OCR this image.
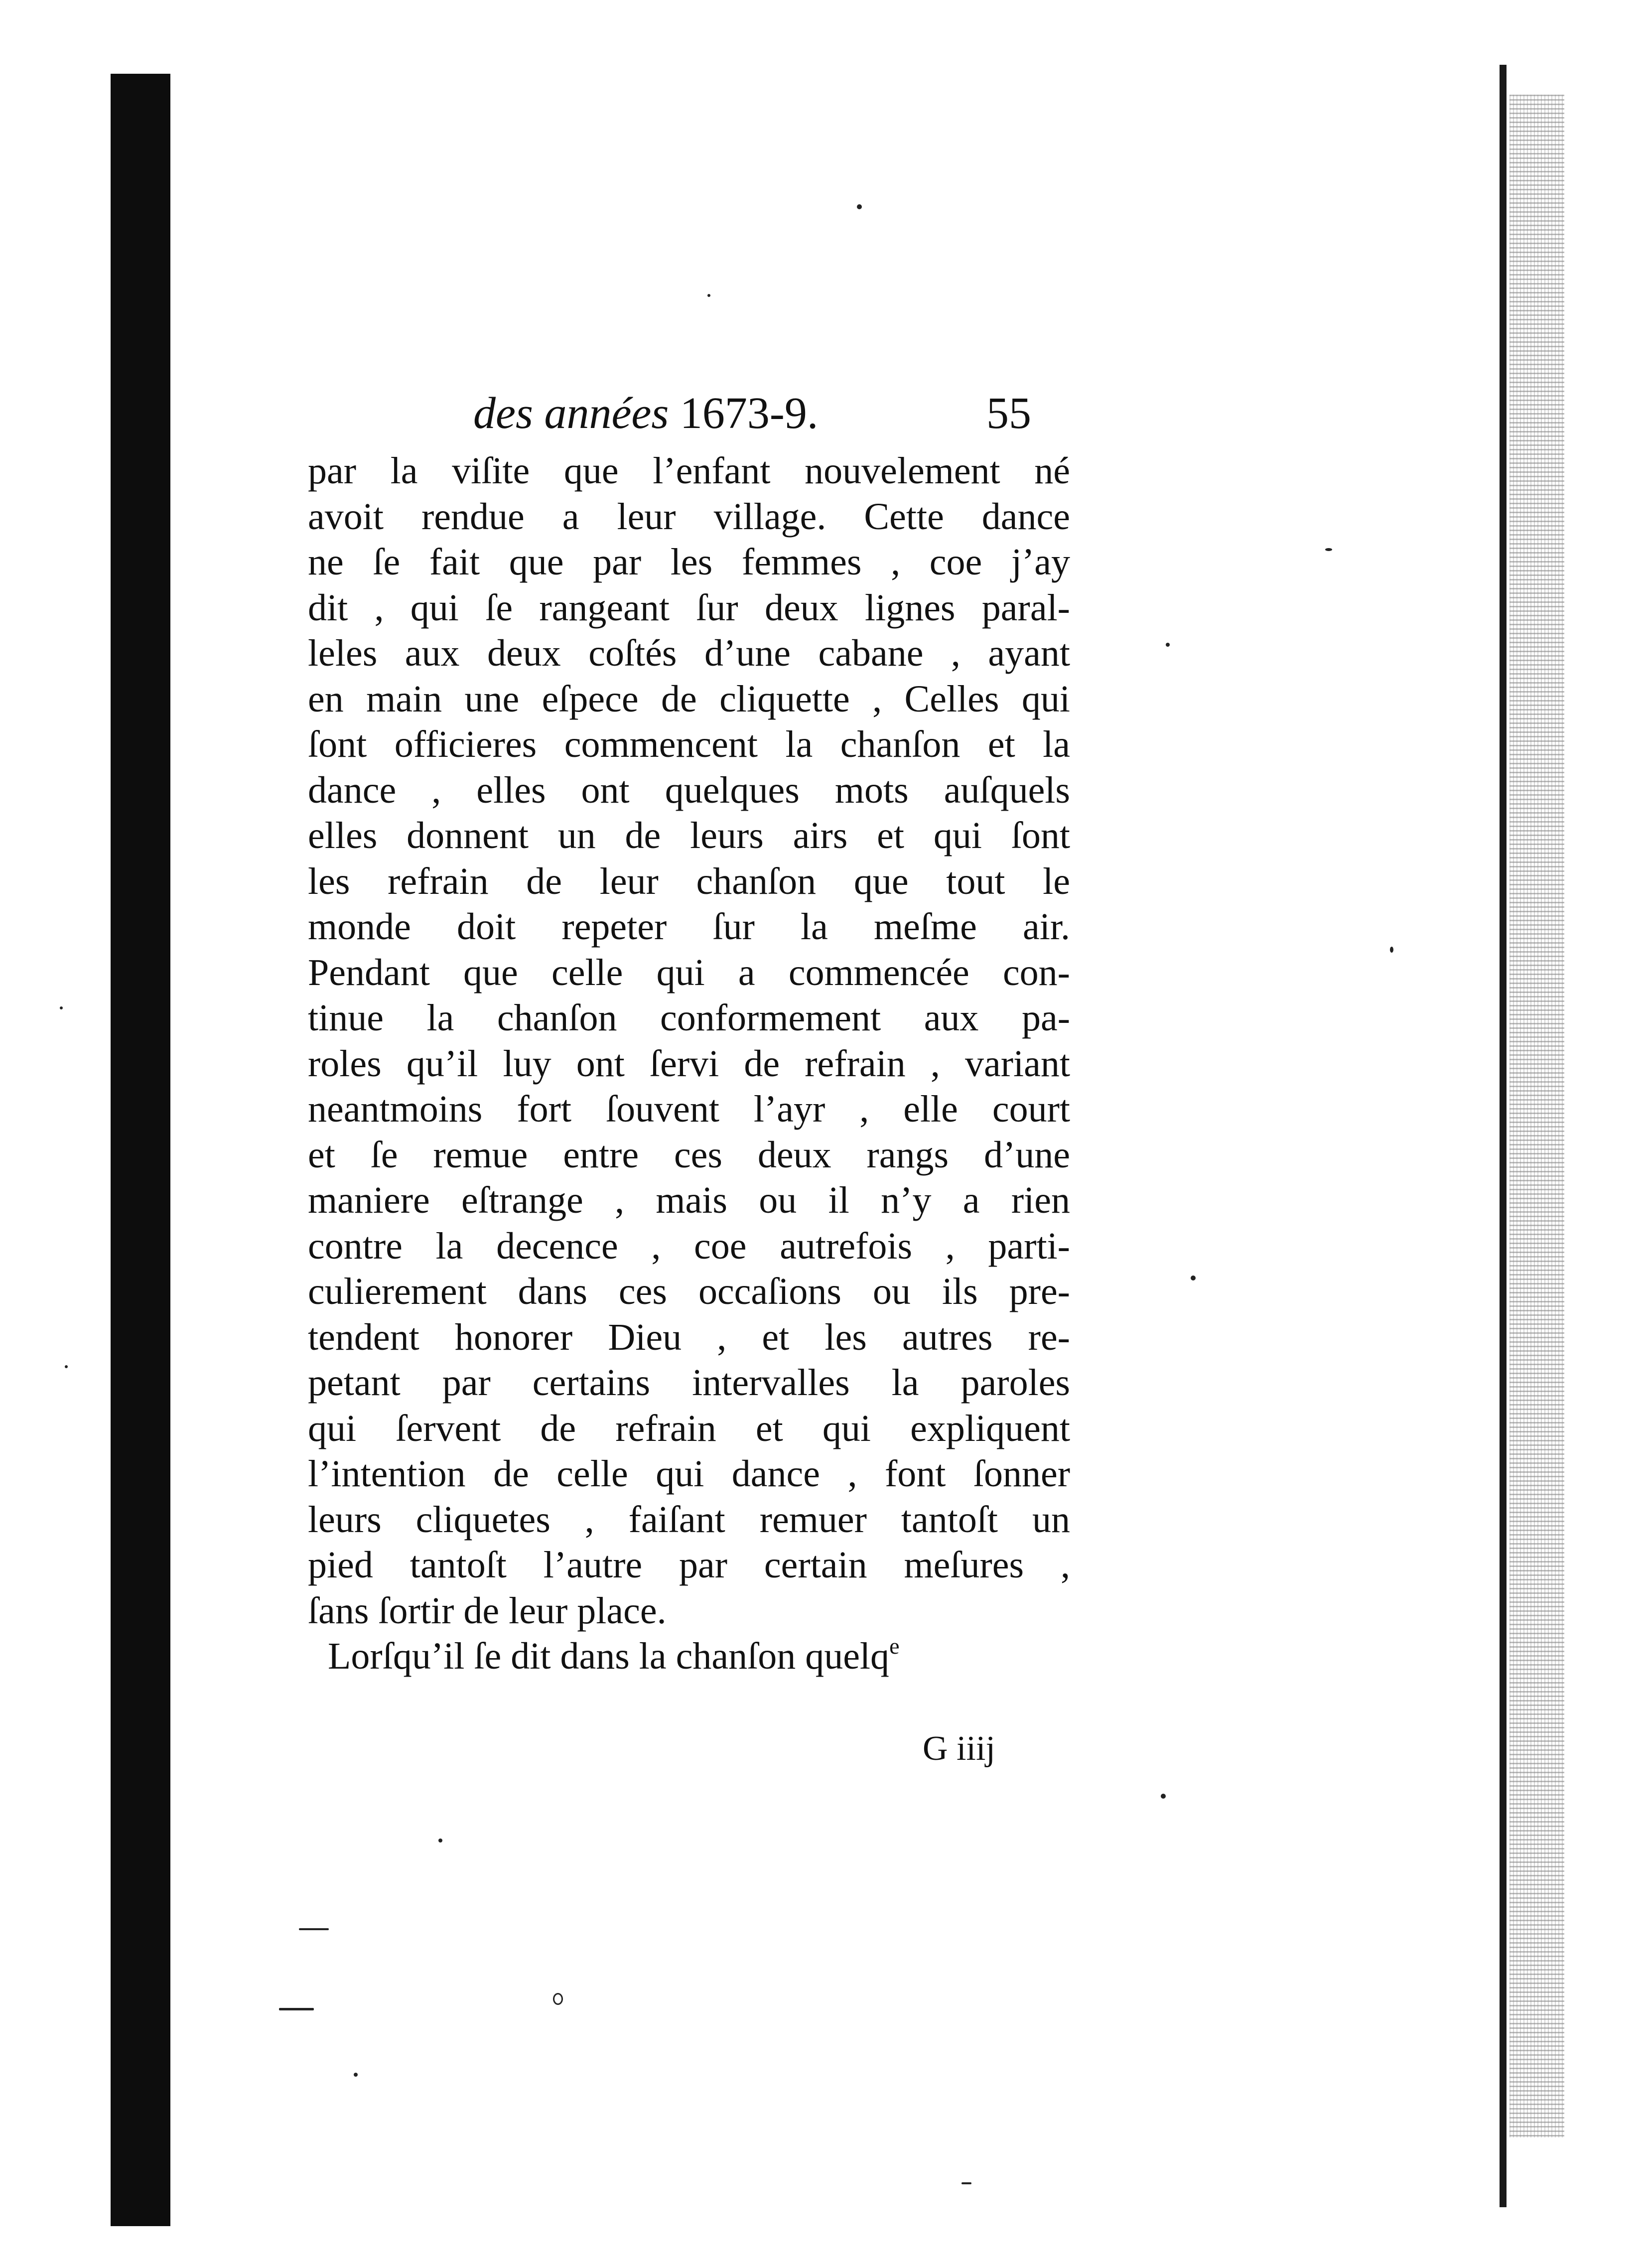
des années 1673-9.	55
par la viſite que l’enfant nouvelement né
avoit rendue a leur village. Cette dance
ne ſe fait que par les femmes , coe j’ay
dit , qui ſe rangeant ſur deux lignes paral-
leles aux deux coſtés d’une cabane , ayant
en main une eſpece de cliquette , Celles qui
ſont officieres commencent la chanſon et la
dance , elles ont quelques mots auſquels
elles donnent un de leurs airs et qui ſont
les refrain de leur chanſon que tout le
monde doit repeter ſur la meſme air.
Pendant que celle qui a commencée con-
tinue la chanſon conformement aux pa-
roles qu’il luy ont ſervi de refrain , variant
neantmoins fort ſouvent l’ayr , elle court
et ſe remue entre ces deux rangs d’une
maniere eſtrange , mais ou il n’y a rien
contre la decence , coe autrefois , parti-
culierement dans ces occaſions ou ils pre-
tendent honorer Dieu , et les autres re-
petant par certains intervalles la paroles
qui ſervent de refrain et qui expliquent
l’intention de celle qui dance , font ſonner
leurs cliquetes , faiſant remuer tantoſt un
pied tantoſt l’autre par certain meſures ,
ſans ſortir de leur place.
Lorſqu’il ſe dit dans la chanſon quelq$^e$
G iiij
